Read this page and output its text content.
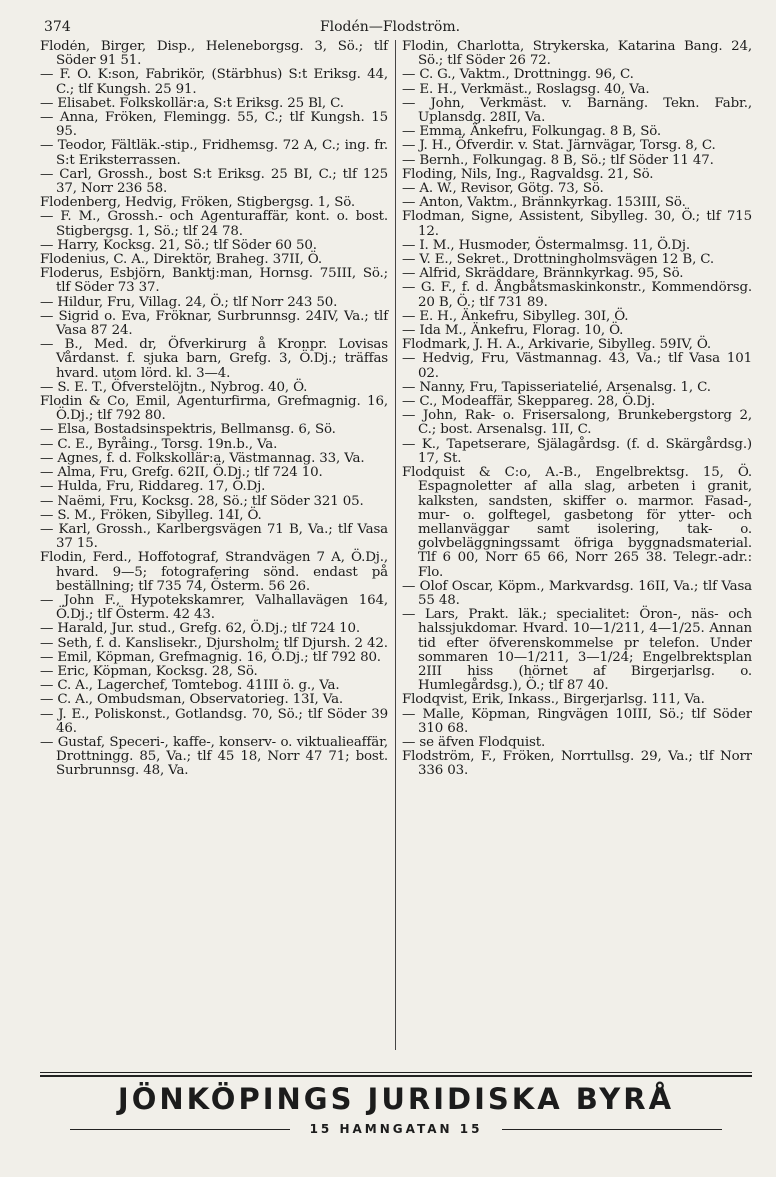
374	Flodén—Flodström.
Flodén, Birger, Disp., Heleneborgsg. 3, Sö.; tlf Söder 91 51.
— F. O. K:son, Fabrikör, (Stärbhus) S:t Eriksg. 44, C.; tlf Kungsh. 25 91.
— Elisabet. Folkskollär:a, S:t Eriksg. 25 Bl, C.
— Anna, Fröken, Flemingg. 55, C.; tlf Kungsh. 15 95.
— Teodor, Fältläk.-stip., Fridhemsg. 72 A, C.; ing. fr. S:t Eriksterrassen.
— Carl, Grossh., bost S:t Eriksg. 25 BI, C.; tlf 125 37, Norr 236 58.
Flodenberg, Hedvig, Fröken, Stigbergsg. 1, Sö.
— F. M., Grossh.- och Agenturaffär, kont. o. bost. Stigbergsg. 1, Sö.; tlf 24 78.
— Harry, Kocksg. 21, Sö.; tlf Söder 60 50.
Flodenius, C. A., Direktör, Braheg. 37II, Ö.
Floderus, Esbjörn, Banktj:man, Hornsg. 75III, Sö.; tlf Söder 73 37.
— Hildur, Fru, Villag. 24, Ö.; tlf Norr 243 50.
— Sigrid o. Eva, Fröknar, Surbrunnsg. 24IV, Va.; tlf Vasa 87 24.
— B., Med. dr, Öfverkirurg å Kronpr. Lovisas Vårdanst. f. sjuka barn, Grefg. 3, Ö.Dj.; träffas hvard. utom lörd. kl. 3—4.
— S. E. T., Öfverstelöjtn., Nybrog. 40, Ö.
Flodin & Co, Emil, Agenturfirma, Grefmagnig. 16, Ö.Dj.; tlf 792 80.
— Elsa, Bostadsinspektris, Bellmansg. 6, Sö.
— C. E., Byråing., Torsg. 19n.b., Va.
— Agnes, f. d. Folkskollär:a, Västmannag. 33, Va.
— Alma, Fru, Grefg. 62II, Ö.Dj.; tlf 724 10.
— Hulda, Fru, Riddareg. 17, Ö.Dj.
— Naëmi, Fru, Kocksg. 28, Sö.; tlf Söder 321 05.
— S. M., Fröken, Sibylleg. 14I, Ö.
— Karl, Grossh., Karlbergsvägen 71 B, Va.; tlf Vasa 37 15.
Flodin, Ferd., Hoffotograf, Strandvägen 7 A, Ö.Dj., hvard. 9—5; fotografering sönd. endast på beställning; tlf 735 74, Österm. 56 26.
— John F., Hypotekskamrer, Valhallavägen 164, Ö.Dj.; tlf Österm. 42 43.
— Harald, Jur. stud., Grefg. 62, Ö.Dj.; tlf 724 10.
— Seth, f. d. Kanslisekr., Djursholm; tlf Djursh. 2 42.
— Emil, Köpman, Grefmagnig. 16, Ö.Dj.; tlf 792 80.
— Eric, Köpman, Kocksg. 28, Sö.
— C. A., Lagerchef, Tomtebog. 41III ö. g., Va.
— C. A., Ombudsman, Observatorieg. 13I, Va.
— J. E., Poliskonst., Gotlandsg. 70, Sö.; tlf Söder 39 46.
— Gustaf, Speceri-, kaffe-, konserv- o. viktualieaffär, Drottningg. 85, Va.; tlf 45 18, Norr 47 71; bost. Surbrunnsg. 48, Va.
Flodin, Charlotta, Strykerska, Katarina Bang. 24, Sö.; tlf Söder 26 72.
— C. G., Vaktm., Drottningg. 96, C.
— E. H., Verkmäst., Roslagsg. 40, Va.
— John, Verkmäst. v. Barnäng. Tekn. Fabr., Uplansdg. 28II, Va.
— Emma, Änkefru, Folkungag. 8 B, Sö.
— J. H., Öfverdir. v. Stat. Järnvägar, Torsg. 8, C.
— Bernh., Folkungag. 8 B, Sö.; tlf Söder 11 47.
Floding, Nils, Ing., Ragvaldsg. 21, Sö.
— A. W., Revisor, Götg. 73, Sö.
— Anton, Vaktm., Brännkyrkag. 153III, Sö.
Flodman, Signe, Assistent, Sibylleg. 30, Ö.; tlf 715 12.
— I. M., Husmoder, Östermalmsg. 11, Ö.Dj.
— V. E., Sekret., Drottningholmsvägen 12 B, C.
— Alfrid, Skräddare, Brännkyrkag. 95, Sö.
— G. F., f. d. Ångbåtsmaskinkonstr., Kommendörsg. 20 B, Ö.; tlf 731 89.
— E. H., Änkefru, Sibylleg. 30I, Ö.
— Ida M., Änkefru, Florag. 10, Ö.
Flodmark, J. H. A., Arkivarie, Sibylleg. 59IV, Ö.
— Hedvig, Fru, Västmannag. 43, Va.; tlf Vasa 101 02.
— Nanny, Fru, Tapisseriatelié, Arsenalsg. 1, C.
— C., Modeaffär, Skeppareg. 28, Ö.Dj.
— John, Rak- o. Frisersalong, Brunkebergstorg 2, C.; bost. Arsenalsg. 1II, C.
— K., Tapetserare, Själagårdsg. (f. d. Skärgårdsg.) 17, St.
Flodquist & C:o, A.-B., Engelbrektsg. 15, Ö. Espagnoletter af alla slag, arbeten i granit, kalksten, sandsten, skiffer o. marmor. Fasad-, mur- o. golftegel, gasbetong för ytter- och mellanväggar samt isolering, tak- o. golvbeläggningssamt öfriga byggnadsmaterial. Tlf 6 00, Norr 65 66, Norr 265 38. Telegr.-adr.: Flo.
— Olof Oscar, Köpm., Markvardsg. 16II, Va.; tlf Vasa 55 48.
— Lars, Prakt. läk.; specialitet: Öron-, näs- och halssjukdomar. Hvard. 10—1/211, 4—1/25. Annan tid efter öfverenskommelse pr telefon. Under sommaren 10—1/211, 3—1/24; Engelbrektsplan 2III hiss (hörnet af Birgerjarlsg. o. Humlegårdsg.), Ö.; tlf 87 40.
Flodqvist, Erik, Inkass., Birgerjarlsg. 111, Va.
— Malle, Köpman, Ringvägen 10III, Sö.; tlf Söder 310 68.
— se äfven Flodquist.
Flodström, F., Fröken, Norrtullsg. 29, Va.; tlf Norr 336 03.
JÖNKÖPINGS JURIDISKA BYRÅ
15 HAMNGATAN 15
